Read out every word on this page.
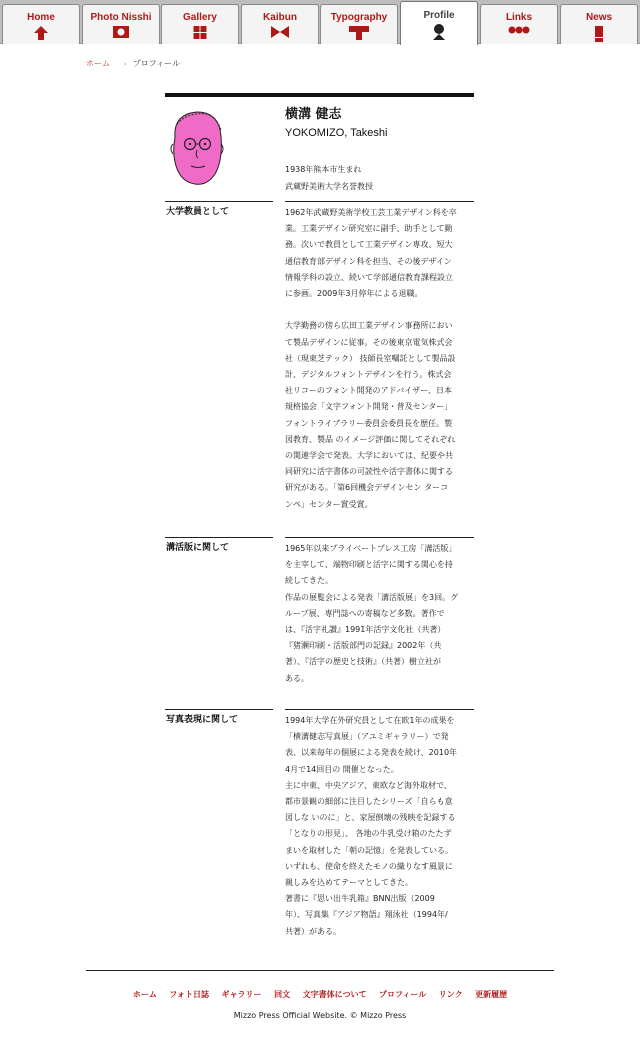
Home	Photo Nisshi	Gallery	Kaibun	Typography	Profile	Links	News
ホーム › プロフィール
横溝 健志
YOKOMIZO, Takeshi
1938年熊本市生まれ
武蔵野美術大学名誉教授
大学教員として	1962年武蔵野美術学校工芸工業デザイン科を卒
業。工業デザイン研究室に副手、助手として勤
務。次いで教員として工業デザイン専攻、短大
通信教育部デザイン科を担当、その後デザイン
情報学科の設立、続いて学部通信教育課程設立
に参画。2009年3月停年による退職。

大学勤務の傍ら広田工業デザイン事務所におい
て製品デザインに従事。その後東京電気株式会
社（現東芝テック） 技師長室嘱託として製品設
計、デジタルフォントデザインを行う。株式会
社リコーのフォント開発のアドバイザー、日本
規格協会「文字フォント開発・普及センター」
フォントライブラリー委員会委員長を歴任。製
図教育、製品 のイメージ評価に関してそれぞれ
の関連学会で発表。大学においては、紀要や共
同研究に活字書体の可読性や活字書体に関する
研究がある。「第6回機会デザインセン ターコ
ンペ」センター賞受賞。
溝活版に関して	1965年以来プライベートプレス工房「溝活版」
を主宰して、端物印刷と活字に関する関心を持
続してきた。
作品の展覧会による発表「溝活版展」を3回。グ
ループ展、専門誌への寄稿など多数。著作で
は、『活字礼讃』1991年活字文化社（共著）
『猪瀬印刷・活版部門の記録』2002年（共
著）、『活字の歴史と技術』（共著）樹立社が
ある。
写真表現に関して	1994年大学在外研究員として在欧1年の成果を
「横溝健志写真展」（アユミギャラリー）で発
表、以来毎年の個展による発表を続け、2010年
4月で14回目の 開催となった。
主に中東、中央アジア、東欧など海外取材で、
都市景観の細部に注目したシリーズ「自らも意
図しな いのに」と、家屋倒壊の残映を記録する
「となりの形見」、 各地の牛乳受け箱のたたず
まいを取材した「朝の記憶」を発表している。
いずれも、使命を終えたモノの織りなす風景に
親しみを込めてテーマとしてきた。
著書に『思い出牛乳箱』BNN出版（2009
年）、写真集『アジア物語』翔泳社（1994年/
共著）がある。
ホーム フォト日誌 ギャラリー 回文 文字書体について プロフィール リンク 更新履歴
Mizzo Press Official Website. © Mizzo Press
